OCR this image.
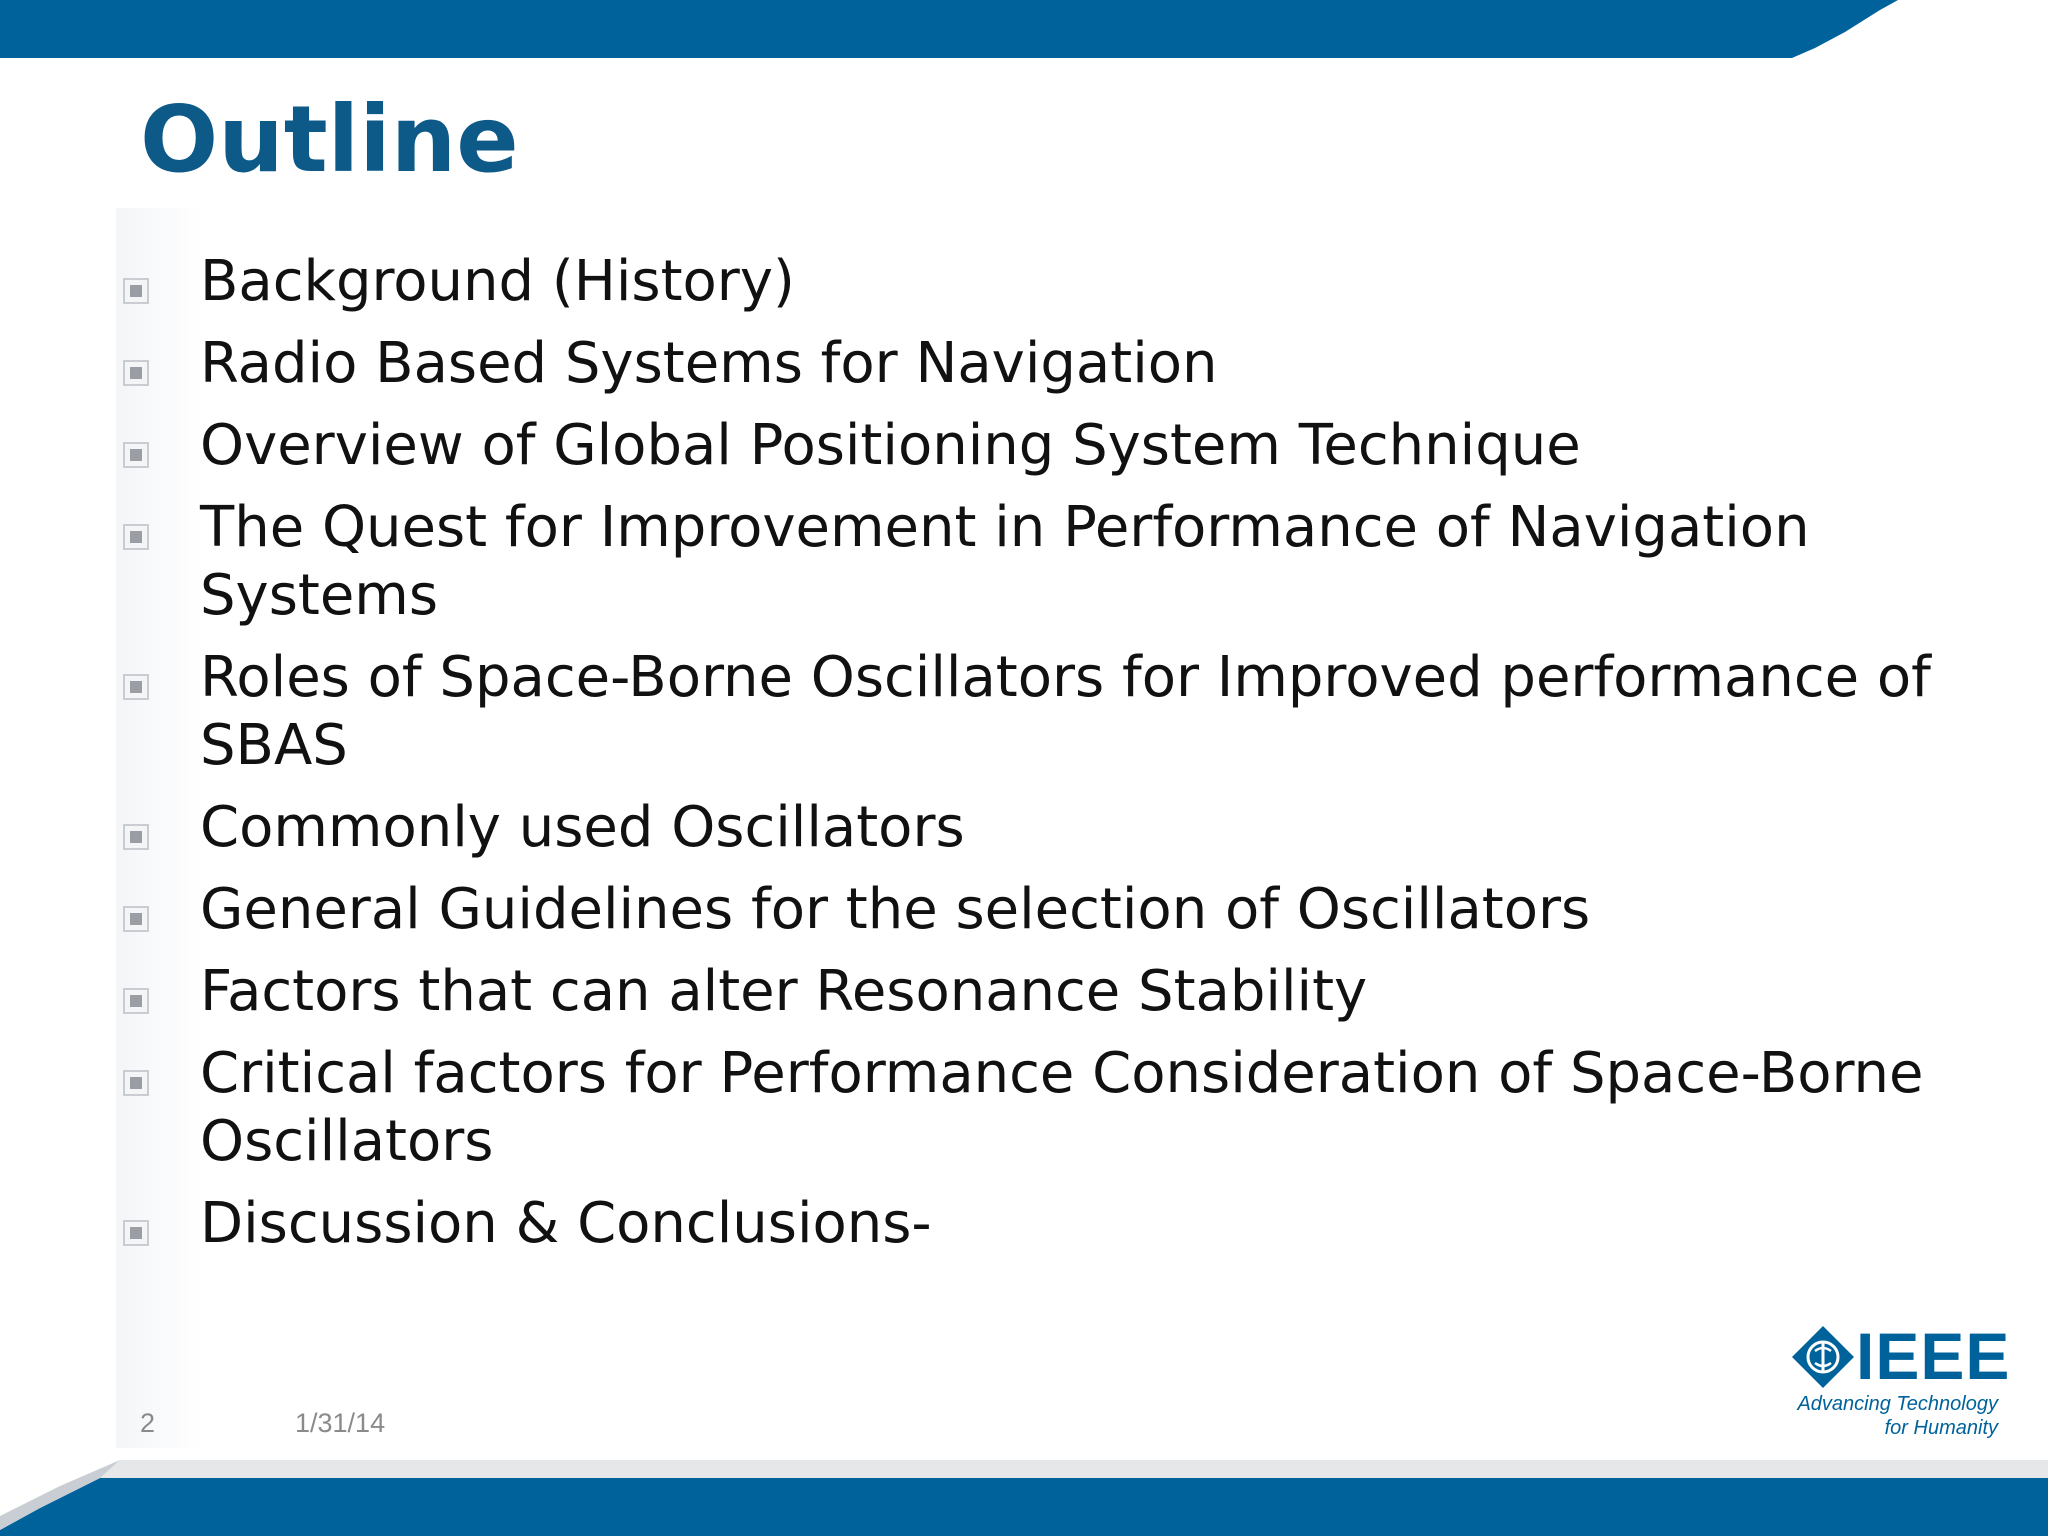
Outline
Background (History)
Radio Based Systems for Navigation
Overview of Global Positioning System Technique
The Quest for Improvement in Performance of Navigation Systems
Roles of Space-Borne Oscillators for Improved performance of SBAS
Commonly used Oscillators
General Guidelines for the selection of Oscillators
Factors that can alter Resonance Stability
Critical factors for Performance Consideration of Space-Borne Oscillators
Discussion & Conclusions-
2	1/31/14
IEEE
Advancing Technology
for Humanity
